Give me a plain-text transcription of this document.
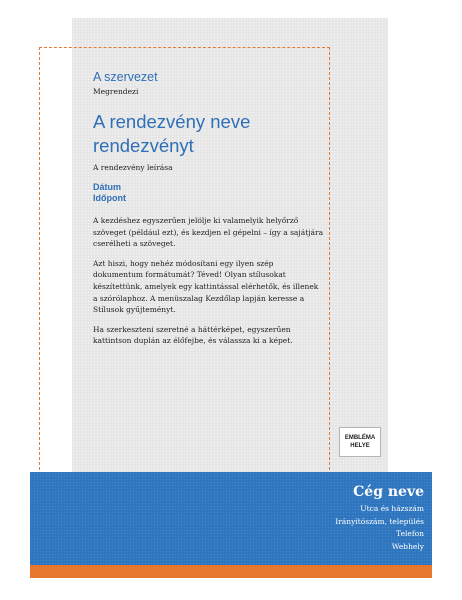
A szervezet
Megrendezi
A rendezvény neve
rendezvényt
A rendezvény leírása
Dátum
Időpont

A kezdéshez egyszerűen jelölje ki valamelyik helyőrző szöveget (például ezt), és kezdjen el gépelni – így a sajátjára cserélheti a szöveget.

Azt hiszi, hogy nehéz módosítani egy ilyen szép dokumentum formátumát? Téved! Olyan stílusokat készítettünk, amelyek egy kattintással elérhetők, és illenek a szórólaphoz. A menüszalag Kezdőlap lapján keresse a Stílusok gyűjteményt.

Ha szerkeszteni szeretné a háttérképet, egyszerűen kattintson duplán az élőfejbe, és válassza ki a képet.

EMBLÉMA
HELYE
Cég neve
Utca és házszám
Irányítószám, település
Telefon
Webhely
